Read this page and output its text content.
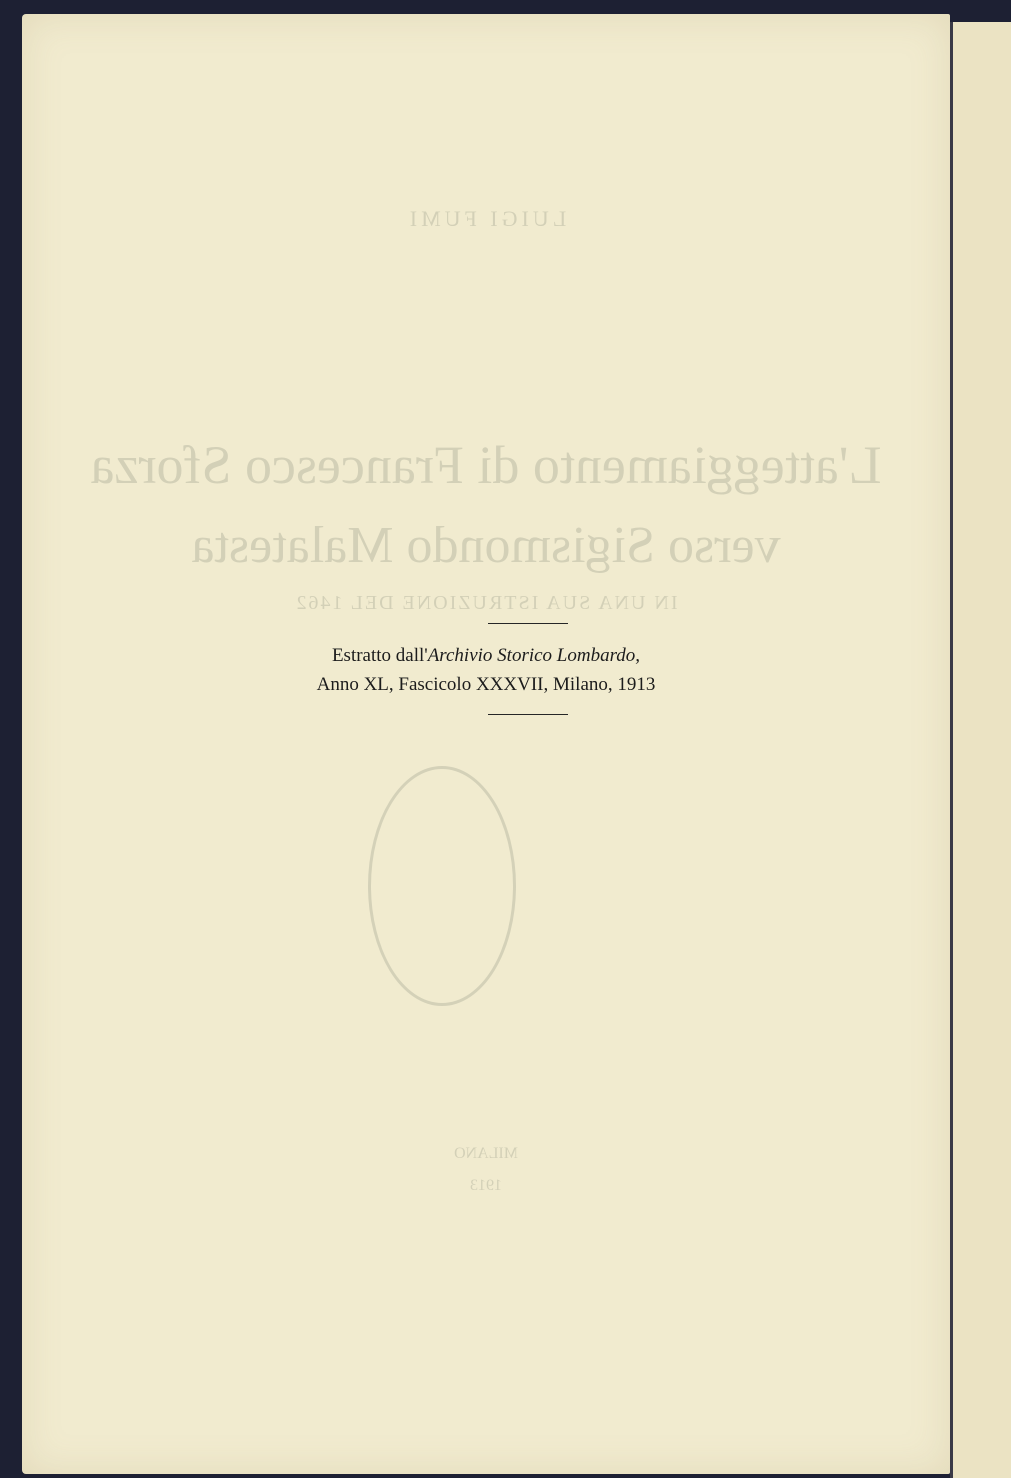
LUIGI FUMI
L'atteggiamento di Francesco Sforza
verso Sigismondo Malatesta
IN UNA SUA ISTRUZIONE DEL 1462
MILANO
1913
Estratto dall'Archivio Storico Lombardo,
Anno XL, Fascicolo XXXVII, Milano, 1913
